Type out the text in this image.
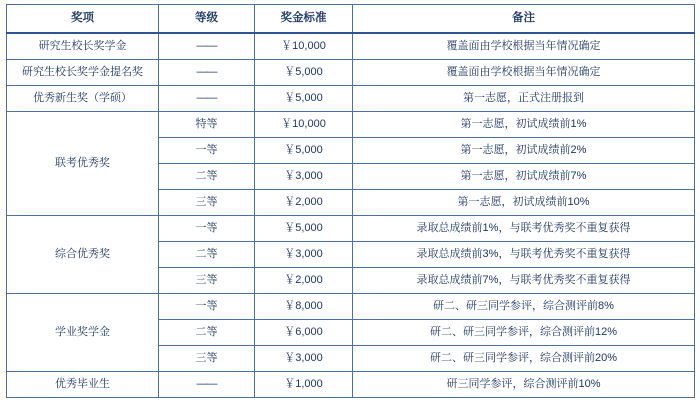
奖项	等级	奖金标准	备注
研究生校长奖学金	——	￥10,000	覆盖面由学校根据当年情况确定
研究生校长奖学金提名奖	——	￥5,000	覆盖面由学校根据当年情况确定
优秀新生奖（学硕）	——	￥5,000	第一志愿，正式注册报到
联考优秀奖	特等	￥10,000	第一志愿，初试成绩前1%
	一等	￥5,000	第一志愿，初试成绩前2%
	二等	￥3,000	第一志愿，初试成绩前7%
	三等	￥2,000	第一志愿，初试成绩前10%
综合优秀奖	一等	￥5,000	录取总成绩前1%，与联考优秀奖不重复获得
	二等	￥3,000	录取总成绩前3%，与联考优秀奖不重复获得
	三等	￥2,000	录取总成绩前7%，与联考优秀奖不重复获得
学业奖学金	一等	￥8,000	研二、研三同学参评，综合测评前8%
	二等	￥6,000	研二、研三同学参评，综合测评前12%
	三等	￥3,000	研二、研三同学参评，综合测评前20%
优秀毕业生	——	￥1,000	研三同学参评，综合测评前10%
